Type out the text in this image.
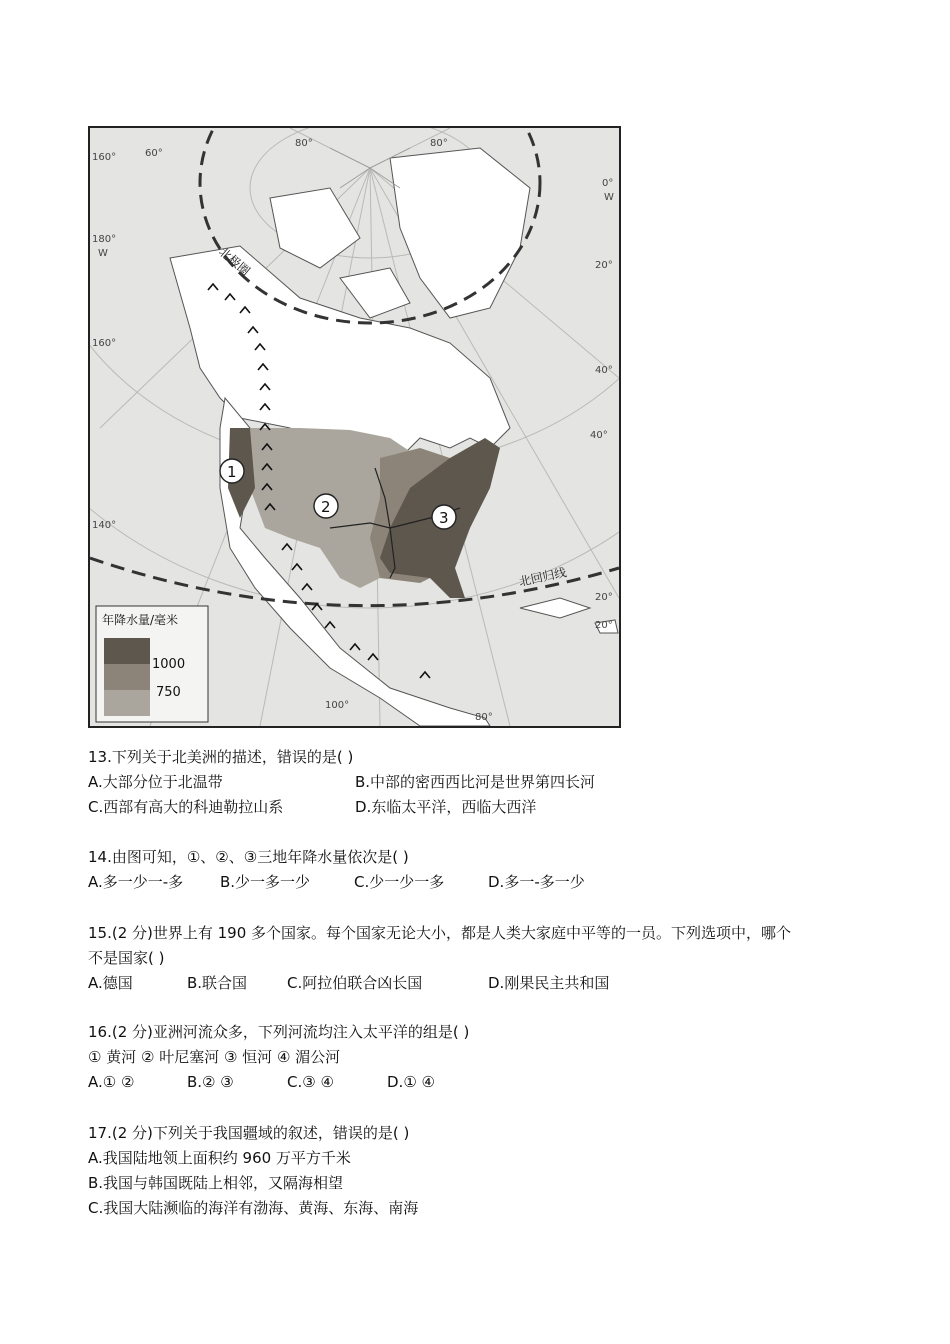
北极圈
北回归线
1
2
3
160°
80°
60°
80°
180°
W
160°
140°
0°
W
20°
40°
40°
20°
20°
100°
80°
年降水量/毫米
1000
750
13.下列关于北美洲的描述，错误的是( )
A.大部分位于北温带	B.中部的密西西比河是世界第四长河
C.西部有高大的科迪勒拉山系	D.东临太平洋，西临大西洋
14.由图可知，①、②、③三地年降水量依次是( )
A.多一少一-多 B.少一多一少	C.少一少一多	D.多一-多一少
15.(2 分)世界上有 190 多个国家。每个国家无论大小，都是人类大家庭中平等的一员。下列选项中，哪个
不是国家( )
A.德国	B.联合国	C.阿拉伯联合凶长国	D.刚果民主共和国
16.(2 分)亚洲河流众多，下列河流均注入太平洋的组是( )
① 黄河 ② 叶尼塞河 ③ 恒河 ④ 湄公河
A.① ②	B.② ③	C.③ ④	D.① ④
17.(2 分)下列关于我国疆域的叙述，错误的是( )
A.我国陆地领上面积约 960 万平方千米
B.我国与韩国既陆上相邻，又隔海相望
C.我国大陆濒临的海洋有渤海、黄海、东海、南海
